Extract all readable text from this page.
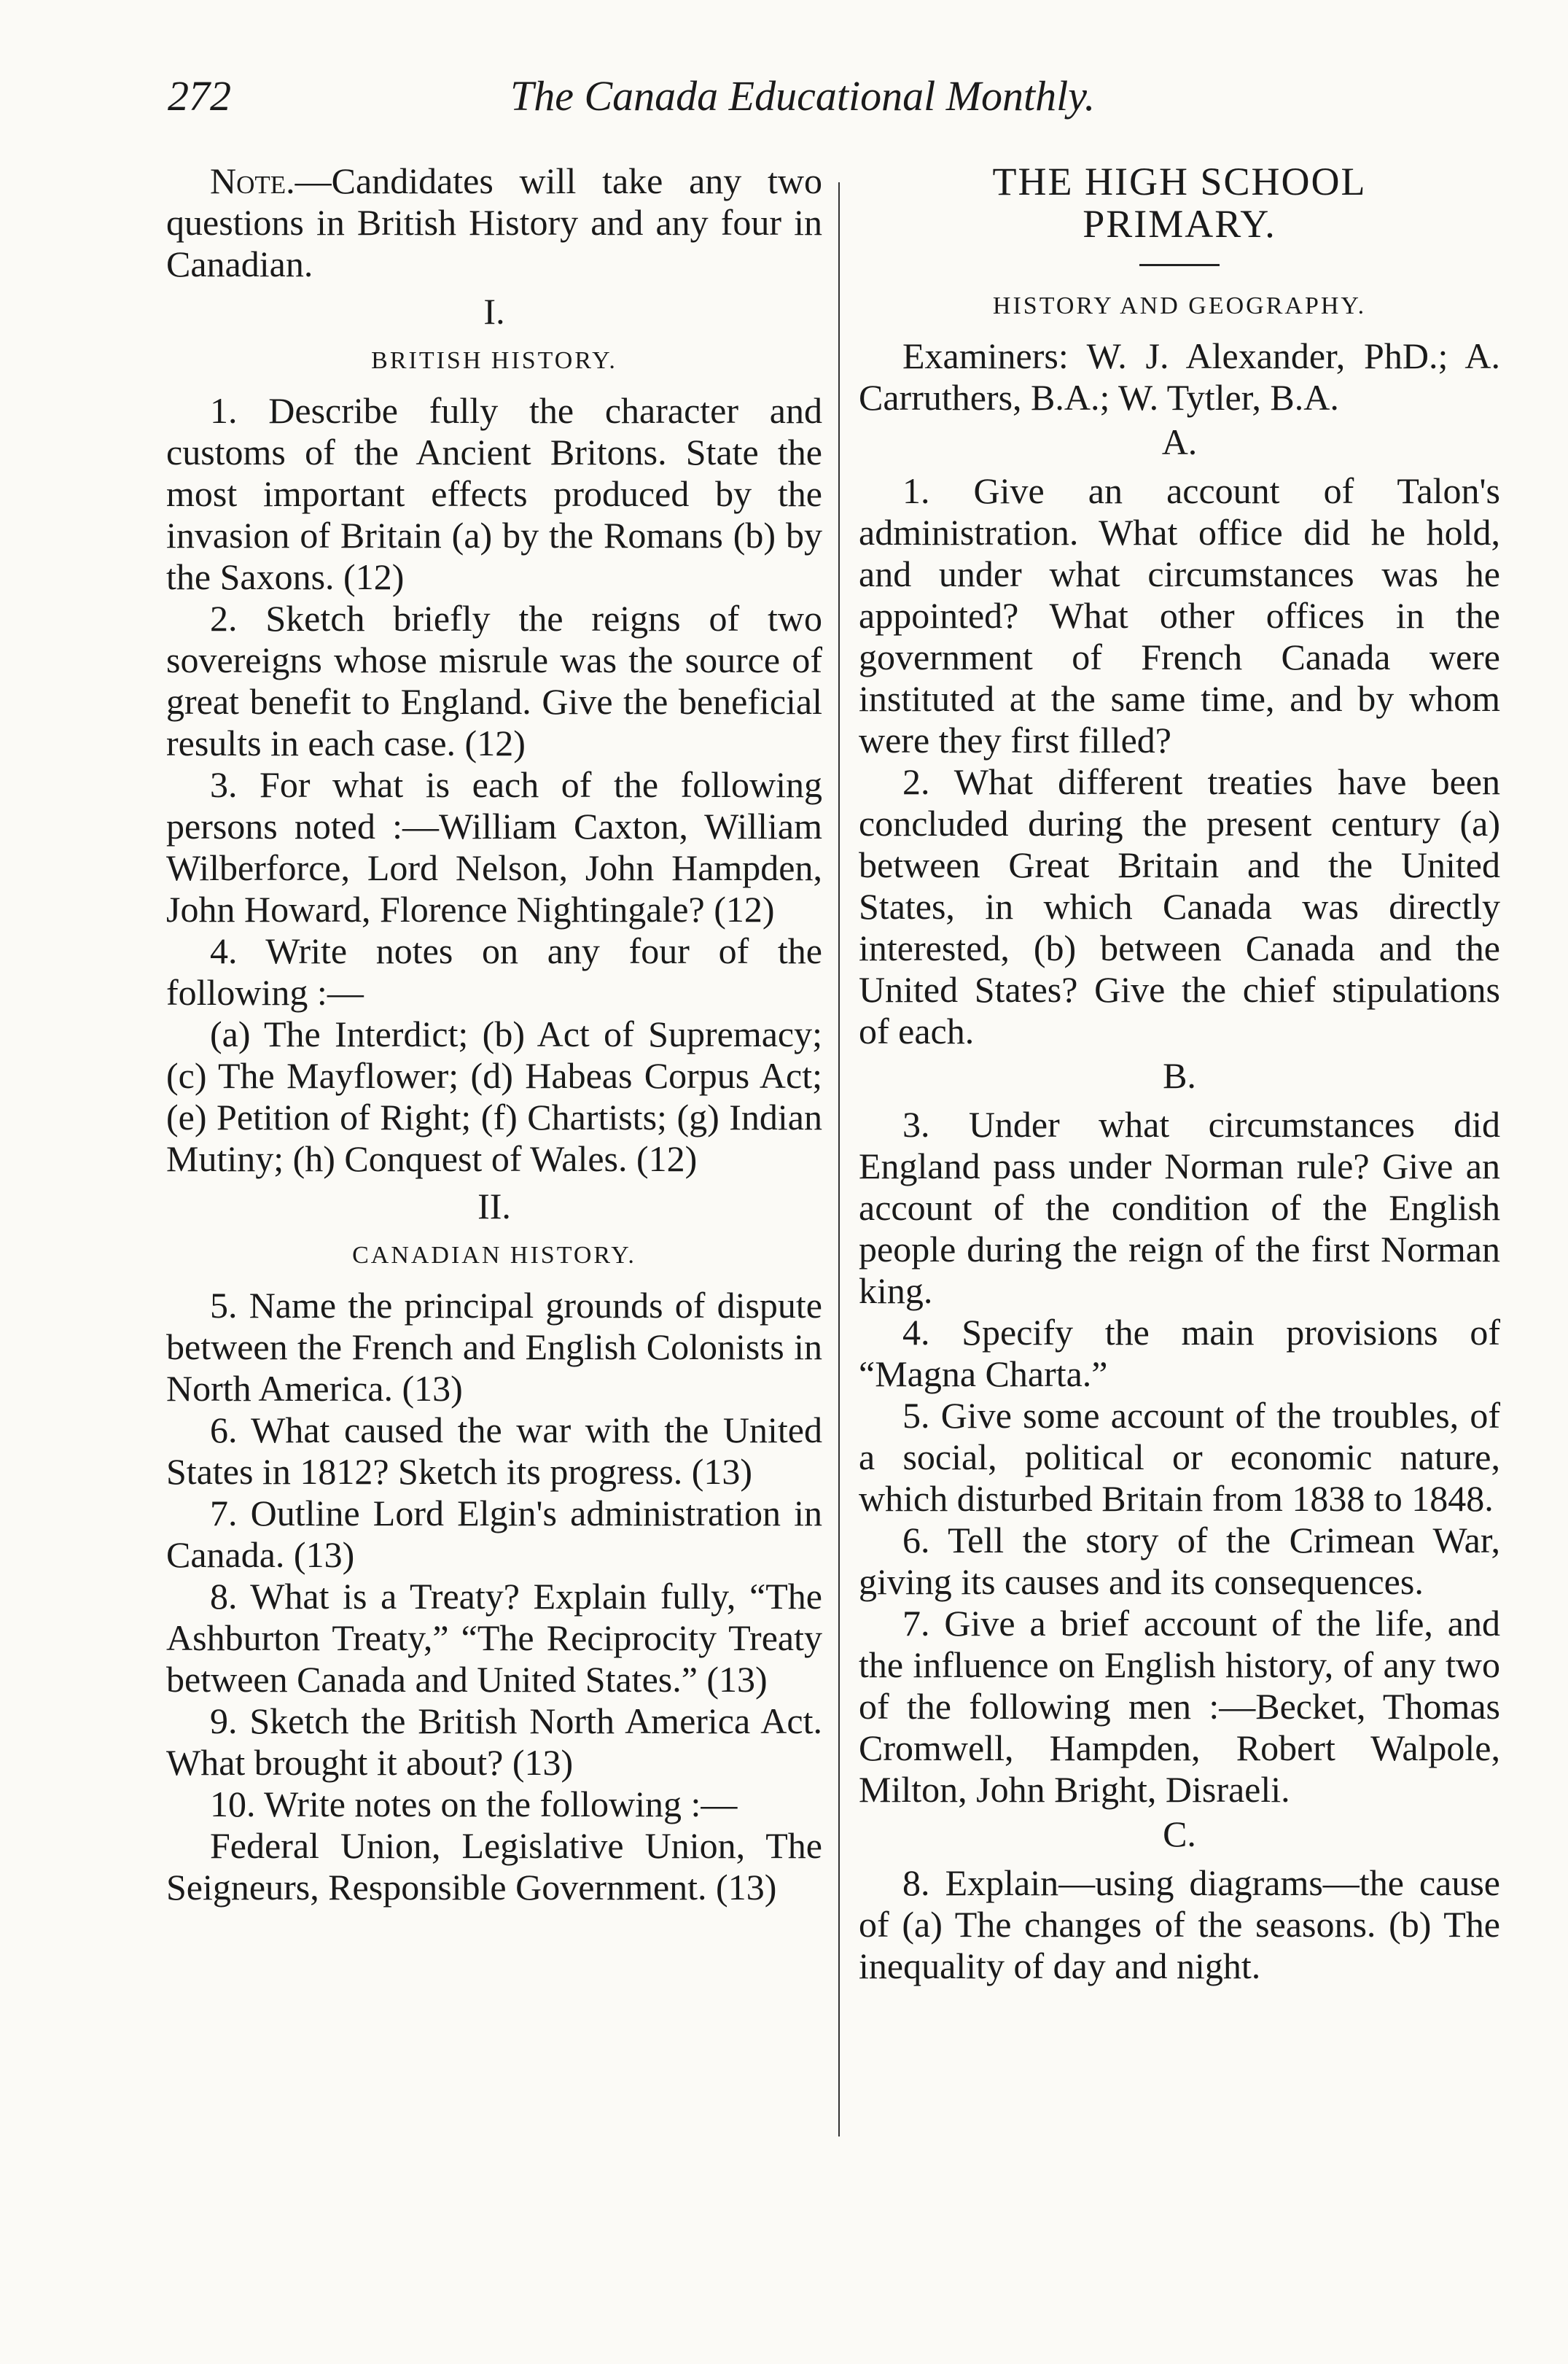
272	The Canada Educational Monthly.

Note.—Candidates will take any two questions in British History and any four in Canadian.

I.
BRITISH HISTORY.

1. Describe fully the character and customs of the Ancient Britons. State the most important effects produced by the invasion of Britain (a) by the Romans (b) by the Saxons. (12)

2. Sketch briefly the reigns of two sovereigns whose misrule was the source of great benefit to England. Give the beneficial results in each case. (12)

3. For what is each of the following persons noted :—William Caxton, William Wilberforce, Lord Nelson, John Hampden, John Howard, Florence Nightingale? (12)

4. Write notes on any four of the following :—

(a) The Interdict; (b) Act of Supremacy; (c) The Mayflower; (d) Habeas Corpus Act; (e) Petition of Right; (f) Chartists; (g) Indian Mutiny; (h) Conquest of Wales. (12)

II.
CANADIAN HISTORY.

5. Name the principal grounds of dispute between the French and English Colonists in North America. (13)

6. What caused the war with the United States in 1812? Sketch its progress. (13)

7. Outline Lord Elgin's administration in Canada. (13)

8. What is a Treaty? Explain fully, “The Ashburton Treaty,” “The Reciprocity Treaty between Canada and United States.” (13)

9. Sketch the British North America Act. What brought it about? (13)

10. Write notes on the following :—

Federal Union, Legislative Union, The Seigneurs, Responsible Government. (13)

THE HIGH SCHOOL
PRIMARY.
HISTORY AND GEOGRAPHY.

Examiners: W. J. Alexander, PhD.; A. Carruthers, B.A.; W. Tytler, B.A.

A.

1. Give an account of Talon's administration. What office did he hold, and under what circumstances was he appointed? What other offices in the government of French Canada were instituted at the same time, and by whom were they first filled?

2. What different treaties have been concluded during the present century (a) between Great Britain and the United States, in which Canada was directly interested, (b) between Canada and the United States? Give the chief stipulations of each.

B.

3. Under what circumstances did England pass under Norman rule? Give an account of the condition of the English people during the reign of the first Norman king.

4. Specify the main provisions of “Magna Charta.”

5. Give some account of the troubles, of a social, political or economic nature, which disturbed Britain from 1838 to 1848.

6. Tell the story of the Crimean War, giving its causes and its consequences.

7. Give a brief account of the life, and the influence on English history, of any two of the following men :—Becket, Thomas Cromwell, Hampden, Robert Walpole, Milton, John Bright, Disraeli.

C.

8. Explain—using diagrams—the cause of (a) The changes of the seasons. (b) The inequality of day and night.
